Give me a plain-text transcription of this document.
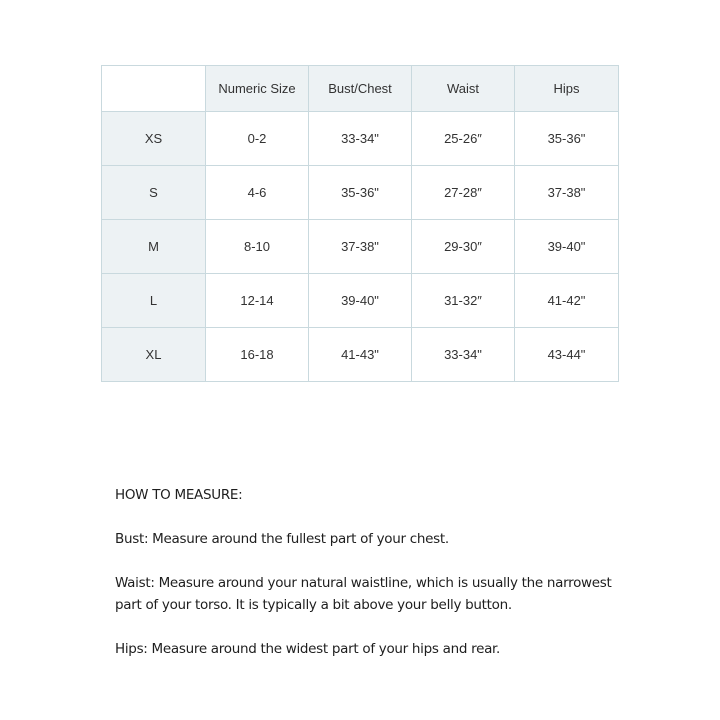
	Numeric Size	Bust/Chest	Waist	Hips
XS	0-2	33-34"	25-26″	35-36"
S	4-6	35-36"	27-28″	37-38"
M	8-10	37-38"	29-30″	39-40"
L	12-14	39-40"	31-32″	41-42"
XL	16-18	41-43"	33-34"	43-44"

HOW TO MEASURE:

Bust: Measure around the fullest part of your chest.

Waist: Measure around your natural waistline, which is usually the narrowest part of your torso. It is typically a bit above your belly button.

Hips: Measure around the widest part of your hips and rear.
